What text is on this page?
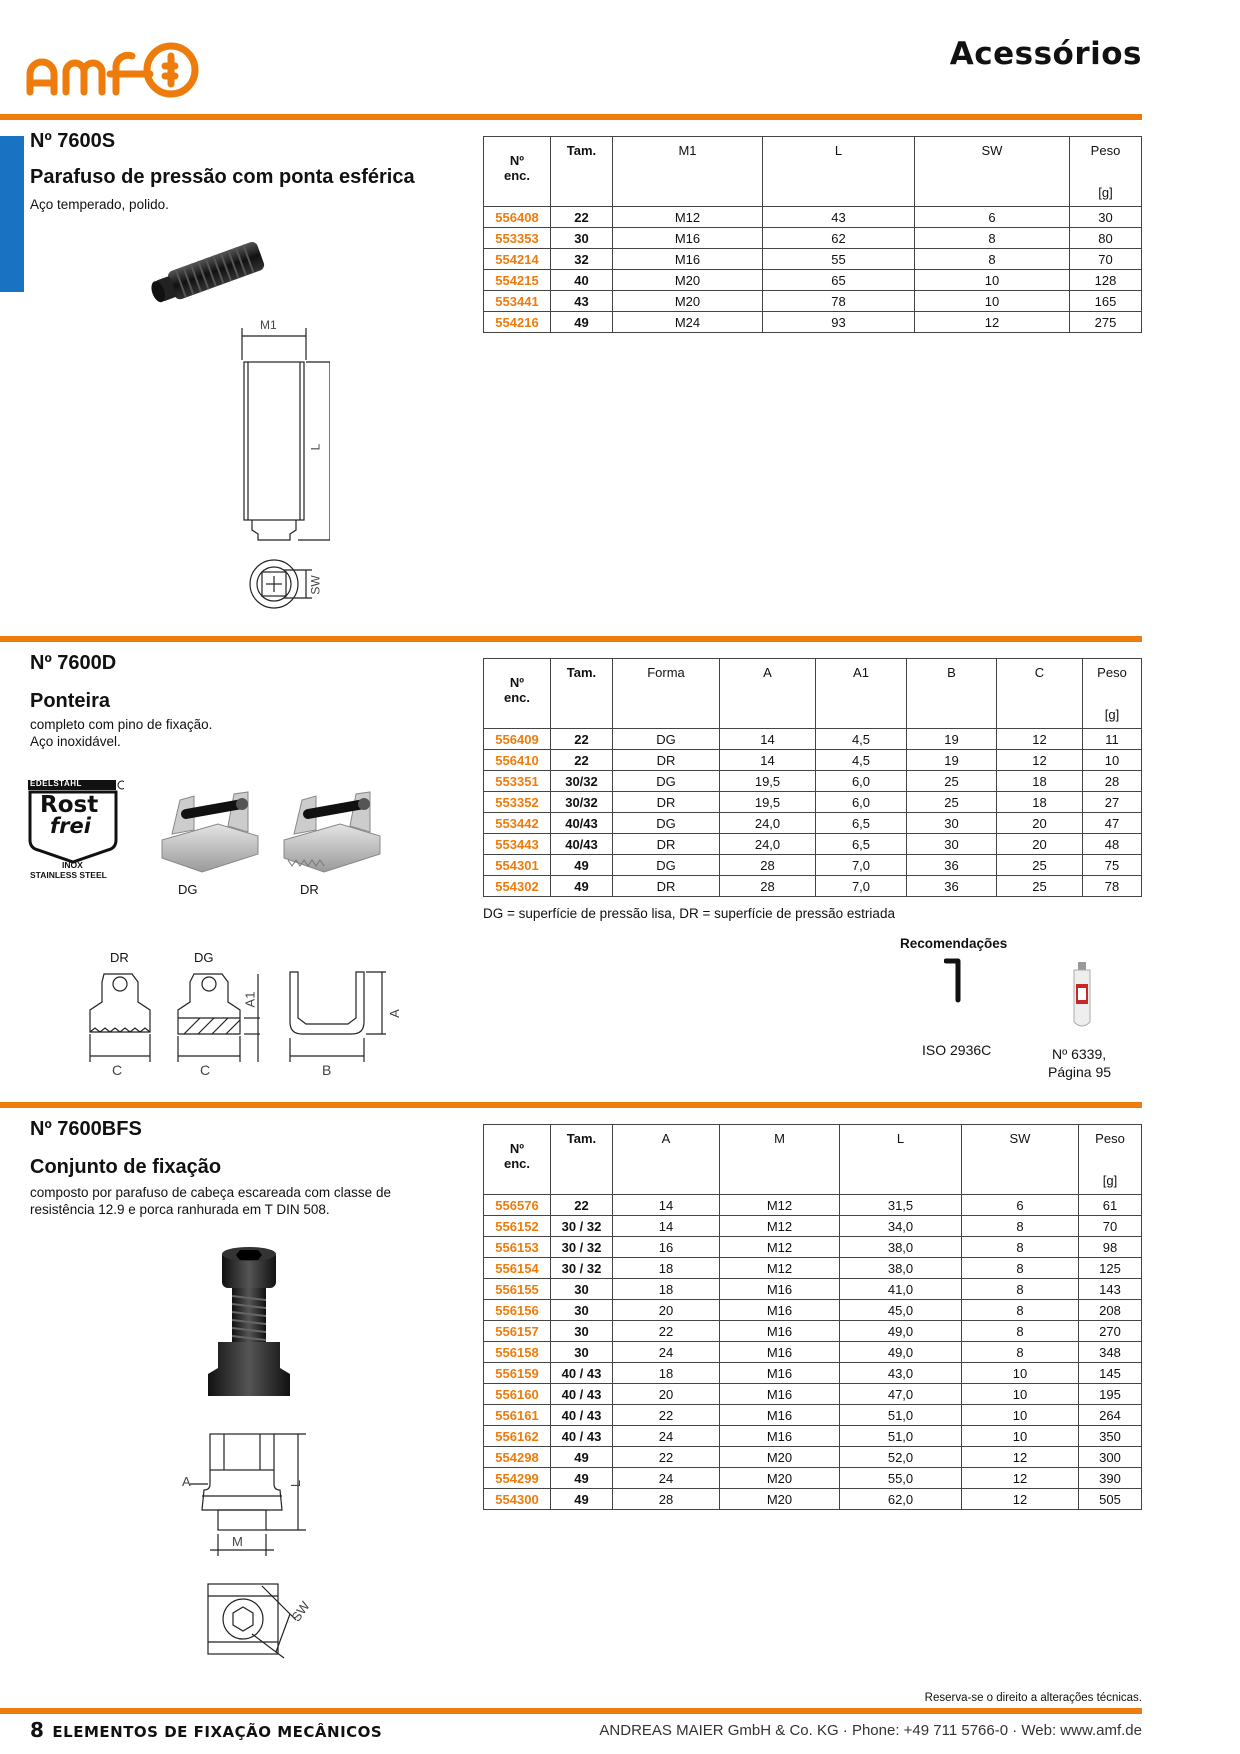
Acessórios
Nº 7600S
Parafuso de pressão com ponta esférica
Aço temperado, polido.
Nº
enc.	Tam.	M1	L	SW	Peso
[g]

556408	22	M12	43	6	30
553353	30	M16	62	8	80
554214	32	M16	55	8	70
554215	40	M20	65	10	128
553441	43	M20	78	10	165
554216	49	M24	93	12	275
M1
L
SW
Nº 7600D
Ponteira
completo com pino de fixação.
Aço inoxidável.
Nº
enc.	Tam.	Forma	A	A1	B	C	Peso
[g]

556409	22	DG	14	4,5	19	12	11
556410	22	DR	14	4,5	19	12	10
553351	30/32	DG	19,5	6,0	25	18	28
553352	30/32	DR	19,5	6,0	25	18	27
553442	40/43	DG	24,0	6,5	30	20	47
553443	40/43	DR	24,0	6,5	30	20	48
554301	49	DG	28	7,0	36	25	75
554302	49	DR	28	7,0	36	25	78
DG = superfície de pressão lisa, DR = superfície de pressão estriada
EDELSTAHL
Rost
frei
INOX
STAINLESS STEEL
DG	DR
DR	DG
A1
A
C	C	B
Recomendações
ISO 2936C	Nº 6339,
Página 95
Nº 7600BFS
Conjunto de fixação
composto por parafuso de cabeça escareada com classe de
resistência 12.9 e porca ranhurada em T DIN 508.
Nº
enc.	Tam.	A	M	L	SW	Peso
[g]

556576	22	14	M12	31,5	6	61
556152	30 / 32	14	M12	34,0	8	70
556153	30 / 32	16	M12	38,0	8	98
556154	30 / 32	18	M12	38,0	8	125
556155	30	18	M16	41,0	8	143
556156	30	20	M16	45,0	8	208
556157	30	22	M16	49,0	8	270
556158	30	24	M16	49,0	8	348
556159	40 / 43	18	M16	43,0	10	145
556160	40 / 43	20	M16	47,0	10	195
556161	40 / 43	22	M16	51,0	10	264
556162	40 / 43	24	M16	51,0	10	350
554298	49	22	M20	52,0	12	300
554299	49	24	M20	55,0	12	390
554300	49	28	M20	62,0	12	505
A	L
M
SW
Reserva-se o direito a alterações técnicas.
8 ELEMENTOS DE FIXAÇÃO MECÂNICOS	ANDREAS MAIER GmbH & Co. KG · Phone: +49 711 5766-0 · Web: www.amf.de
